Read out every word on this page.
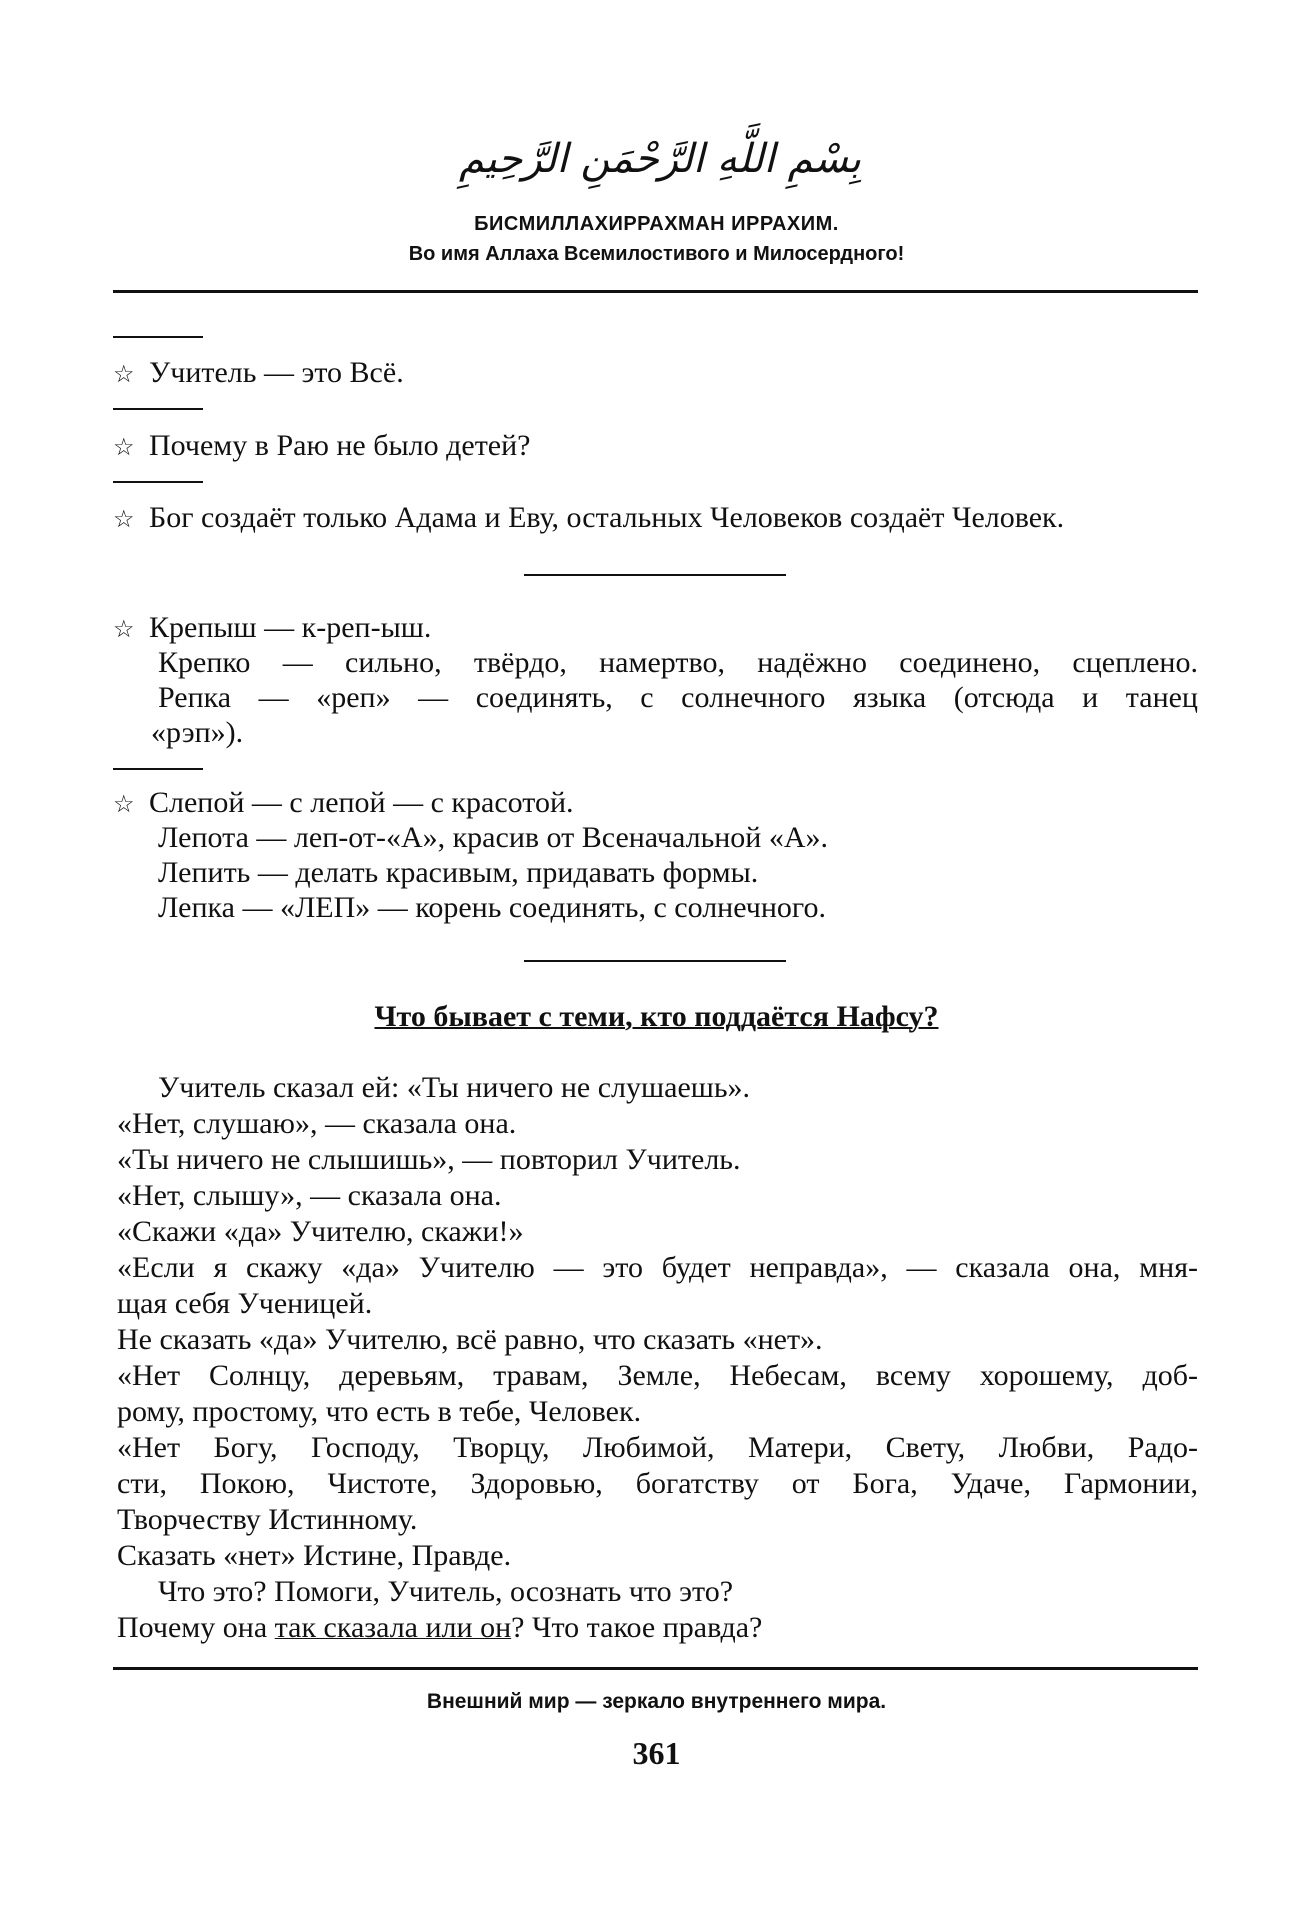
بِسْمِ اللَّهِ الرَّحْمَنِ الرَّحِيمِ
БИСМИЛЛАХИРРАХМАН ИРРАХИМ.
Во имя Аллаха Всемилостивого и Милосердного!
☆ Учитель — это Всё.
☆ Почему в Раю не было детей?
☆ Бог создаёт только Адама и Еву, остальных Человеков создаёт Человек.
☆ Крепыш — к-реп-ыш.
Крепко — сильно, твёрдо, намертво, надёжно соединено, сцеплено.
Репка — «реп» — соединять, с солнечного языка (отсюда и танец
«рэп»).
☆ Слепой — с лепой — с красотой.
Лепота — леп-от-«А», красив от Всеначальной «А».
Лепить — делать красивым, придавать формы.
Лепка — «ЛЕП» — корень соединять, с солнечного.
Что бывает с теми, кто поддаётся Нафсу?
Учитель сказал ей: «Ты ничего не слушаешь».
«Нет, слушаю», — сказала она.
«Ты ничего не слышишь», — повторил Учитель.
«Нет, слышу», — сказала она.
«Скажи «да» Учителю, скажи!»
«Если я скажу «да» Учителю — это будет неправда», — сказала она, мня-
щая себя Ученицей.
Не сказать «да» Учителю, всё равно, что сказать «нет».
«Нет Солнцу, деревьям, травам, Земле, Небесам, всему хорошему, доб-
рому, простому, что есть в тебе, Человек.
«Нет Богу, Господу, Творцу, Любимой, Матери, Свету, Любви, Радо-
сти, Покою, Чистоте, Здоровью, богатству от Бога, Удаче, Гармонии,
Творчеству Истинному.
Сказать «нет» Истине, Правде.
Что это? Помоги, Учитель, осознать что это?
Почему она так сказала или он? Что такое правда?
Внешний мир — зеркало внутреннего мира.
361
